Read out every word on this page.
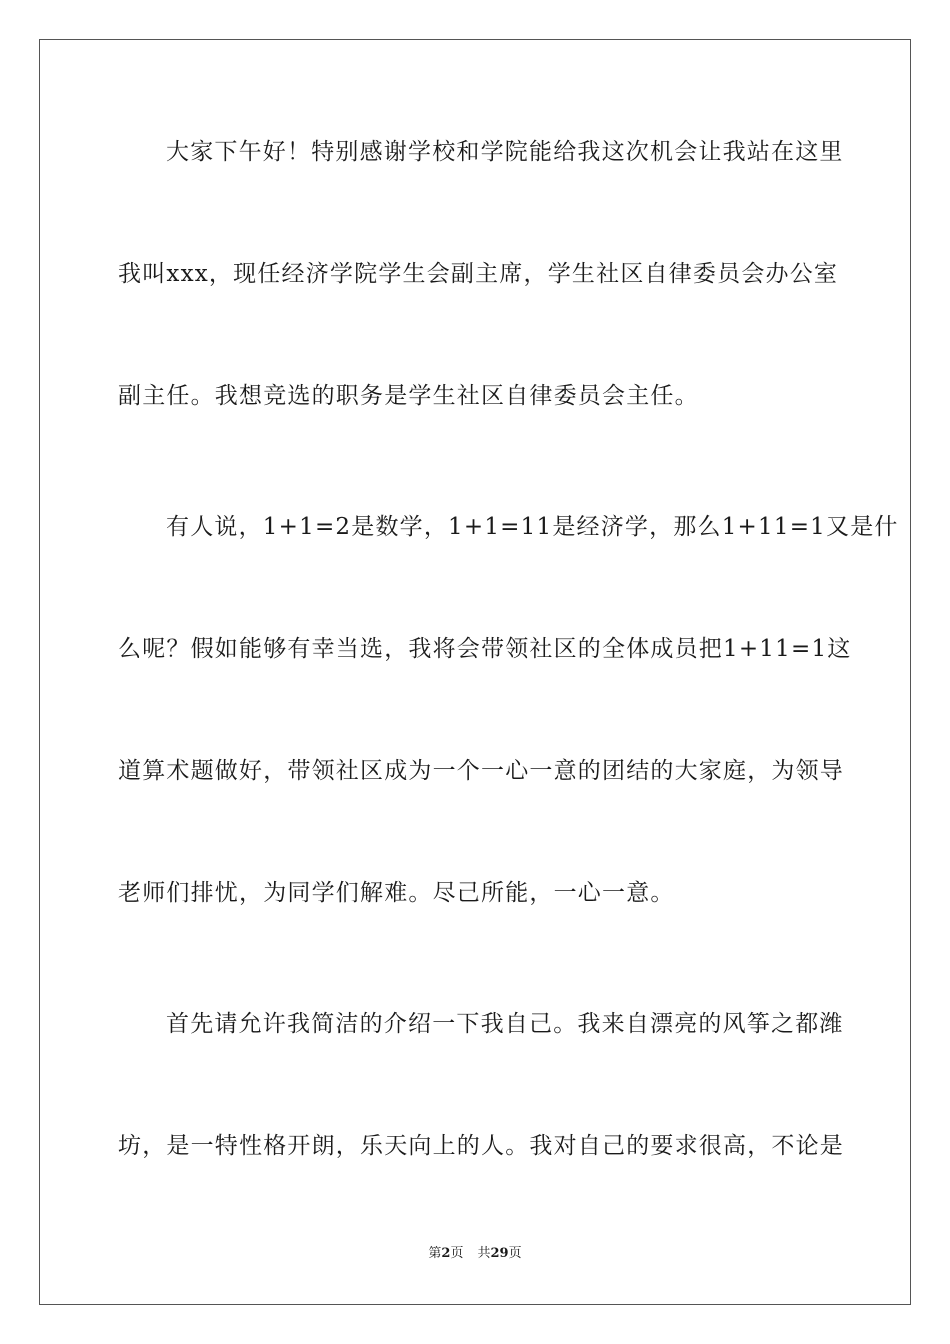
大家下午好！特别感谢学校和学院能给我这次机会让我站在这里
我叫xxx，现任经济学院学生会副主席，学生社区自律委员会办公室
副主任。我想竞选的职务是学生社区自律委员会主任。
有人说，1+1=2是数学，1+1=11是经济学，那么1+11=1又是什
么呢？假如能够有幸当选，我将会带领社区的全体成员把1+11=1这
道算术题做好，带领社区成为一个一心一意的团结的大家庭，为领导
老师们排忧，为同学们解难。尽己所能，一心一意。
首先请允许我简洁的介绍一下我自己。我来自漂亮的风筝之都潍
坊，是一特性格开朗，乐天向上的人。我对自己的要求很高，不论是
第2页 共29页
